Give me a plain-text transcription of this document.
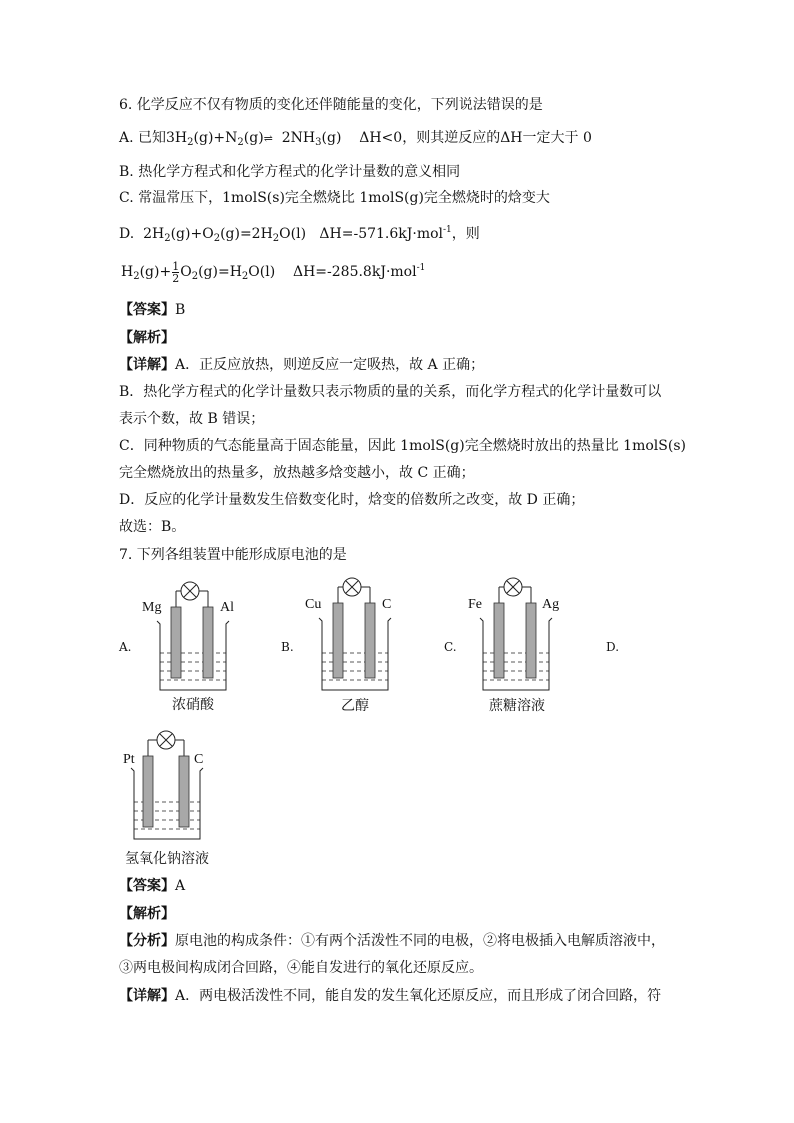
6. 化学反应不仅有物质的变化还伴随能量的变化，下列说法错误的是
A. 已知$3H_2(g)+N_2(g)\rightleftharpoons$  $2NH_3(g)$ ΔH<0，则其逆反应的ΔH一定大于 0
B. 热化学方程式和化学方程式的化学计量数的意义相同
C. 常温常压下，1molS(s)完全燃烧比 1molS(g)完全燃烧时的焓变大
D. $2H_2(g)+O_2(g)=2H_2O(l)$ ΔH=-571.6kJ·mol$^{-1}$，则
$H_2(g)+ \frac{1}{2} O_2(g)=H_2O(l)$ ΔH=-285.8kJ·mol$^{-1}$
【答案】B
【解析】
【详解】A．正反应放热，则逆反应一定吸热，故 A 正确；
B．热化学方程式的化学计量数只表示物质的量的关系，而化学方程式的化学计量数可以
表示个数，故 B 错误；
C．同种物质的气态能量高于固态能量，因此 1molS(g)完全燃烧时放出的热量比 1molS(s)
完全燃烧放出的热量多，放热越多焓变越小，故 C 正确；
D．反应的化学计量数发生倍数变化时，焓变的倍数所之改变，故 D 正确；
故选：B。
7. 下列各组装置中能形成原电池的是
A.
Mg	Al
浓硝酸
B.
Cu	C
乙醇
C.
Fe	Ag
蔗糖溶液
D.
Pt	C
氢氧化钠溶液
【答案】A
【解析】
【分析】原电池的构成条件：①有两个活泼性不同的电极，②将电极插入电解质溶液中，
③两电极间构成闭合回路，④能自发进行的氧化还原反应。
【详解】A．两电极活泼性不同，能自发的发生氧化还原反应，而且形成了闭合回路，符
